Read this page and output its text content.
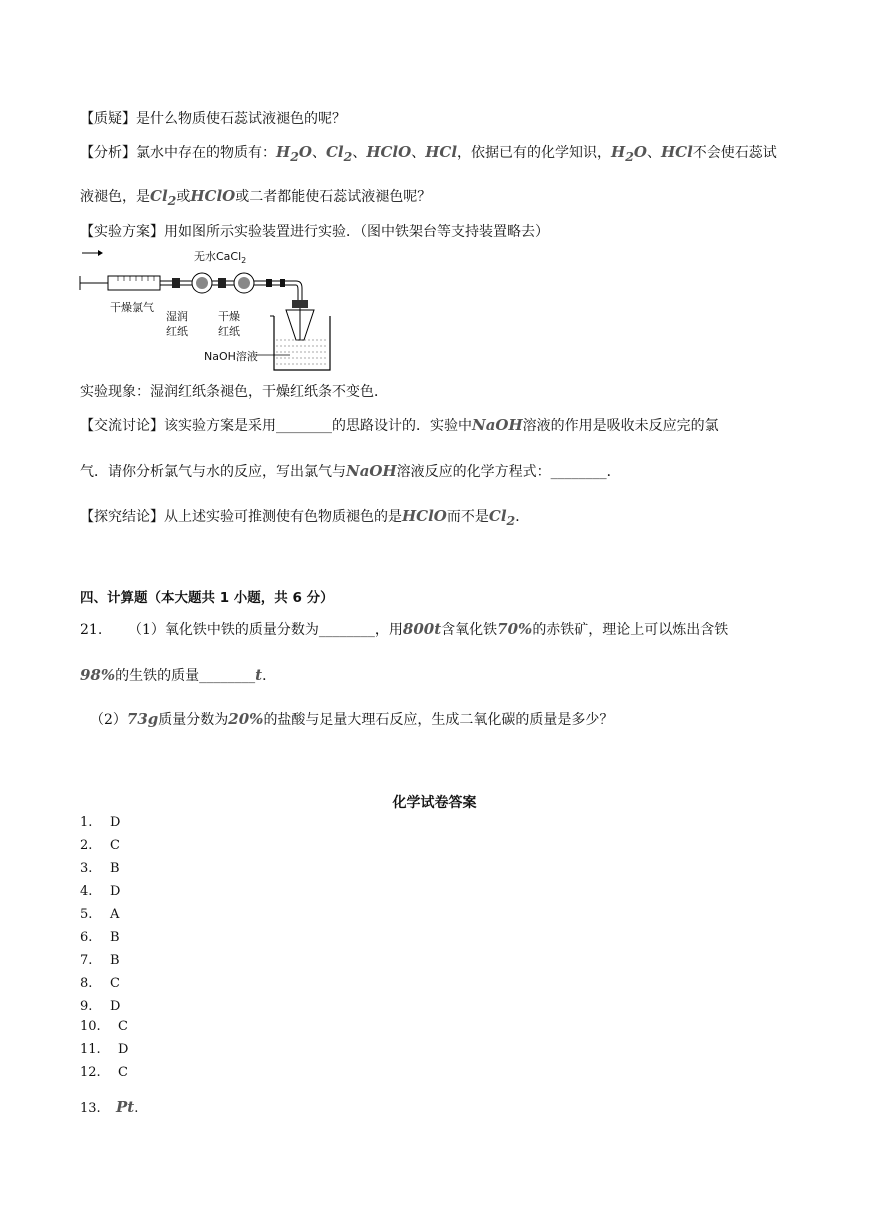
【质疑】是什么物质使石蕊试液褪色的呢？
【分析】氯水中存在的物质有：$H_2O$、$Cl_2$、HClO、HCl，依据已有的化学知识，$H_2O$、HCl不会使石蕊试
液褪色，是$Cl_2$或HClO或二者都能使石蕊试液褪色呢？
【实验方案】用如图所示实验装置进行实验．（图中铁架台等支持装置略去）
无水CaCl$_2$
干燥氯气
湿润
红纸
干燥
红纸
NaOH溶液
实验现象：湿润红纸条褪色，干燥红纸条不变色．
【交流讨论】该实验方案是采用________的思路设计的．实验中NaOH溶液的作用是吸收未反应完的氯
气．请你分析氯气与水的反应，写出氯气与NaOH溶液反应的化学方程式：________．
【探究结论】从上述实验可推测使有色物质褪色的是HClO而不是$Cl_2$．
四、计算题（本大题共 1 小题，共 6 分）
21. （1）氧化铁中铁的质量分数为________，用800t含氧化铁70%的赤铁矿，理论上可以炼出含铁
98%的生铁的质量________t．
（2）73g质量分数为20%的盐酸与足量大理石反应，生成二氧化碳的质量是多少？
化学试卷答案
1. D
2. C
3. B
4. D
5. A
6. B
7. B
8. C
9. D
10. C
11. D
12. C
13. Pt.
